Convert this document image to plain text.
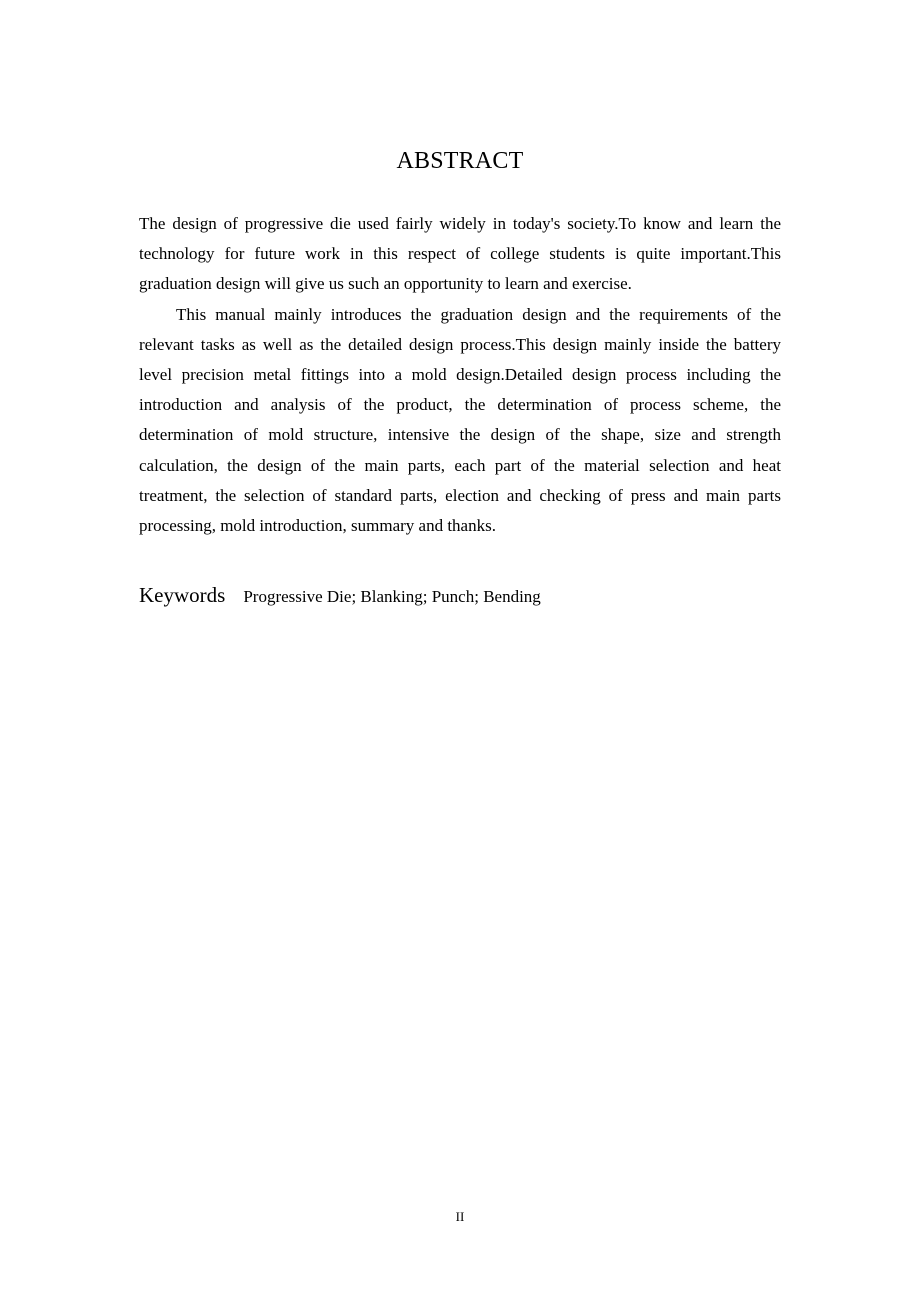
ABSTRACT

The design of progressive die used fairly widely in today's society.To know and learn the technology for future work in this respect of college students is quite important.This graduation design will give us such an opportunity to learn and exercise.

This manual mainly introduces the graduation design and the requirements of the relevant tasks as well as the detailed design process.This design mainly inside the battery level precision metal fittings into a mold design.Detailed design process including the introduction and analysis of the product, the determination of process scheme, the determination of mold structure, intensive the design of the shape, size and strength calculation, the design of the main parts, each part of the material selection and heat treatment, the selection of standard parts, election and checking of press and main parts processing, mold introduction, summary and thanks.

Keywords Progressive Die; Blanking; Punch; Bending
II
